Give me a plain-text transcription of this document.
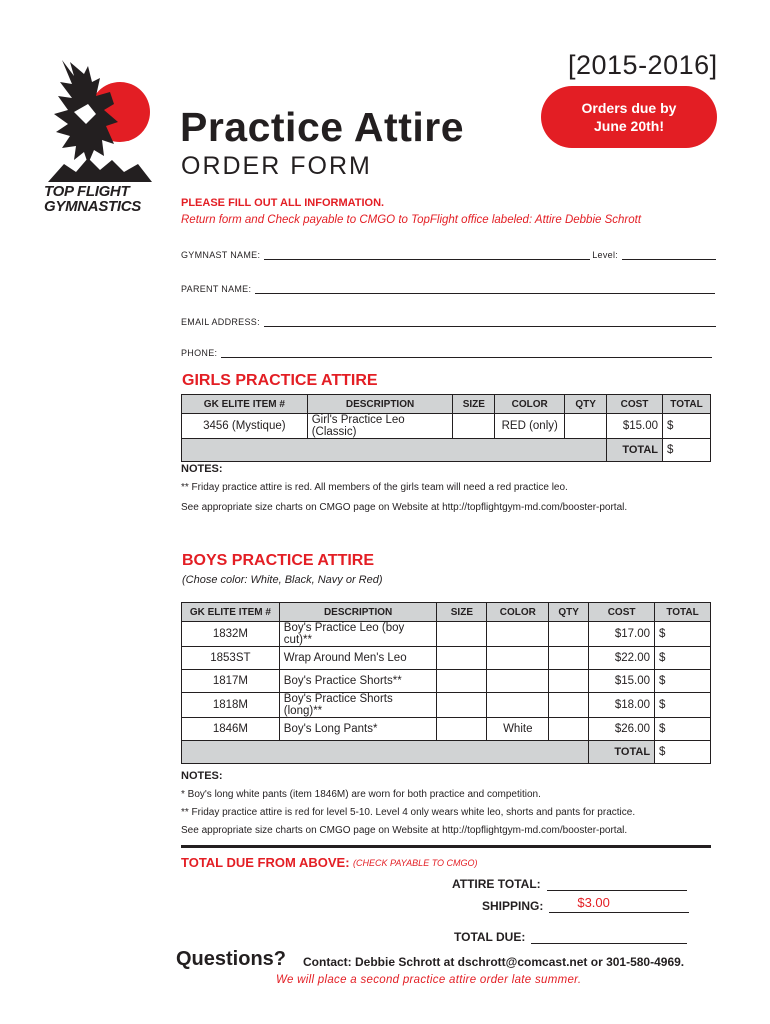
TOP FLIGHT
GYMNASTICS
[2015-2016]
Practice Attire
ORDER FORM
Orders due by
June 20th!
PLEASE FILL OUT ALL INFORMATION.
Return form and Check payable to CMGO to TopFlight office labeled: Attire Debbie Schrott
GYMNAST NAME:	Level:
PARENT NAME:
EMAIL ADDRESS:
PHONE:
GIRLS PRACTICE ATTIRE
GK ELITE ITEM #	DESCRIPTION	SIZE	COLOR	QTY	COST	TOTAL
3456 (Mystique)	Girl's Practice Leo (Classic)		RED (only)		$15.00	$
					TOTAL	$
NOTES:
** Friday practice attire is red. All members of the girls team will need a red practice leo.
See appropriate size charts on CMGO page on Website at http://topflightgym-md.com/booster-portal.
BOYS PRACTICE ATTIRE
(Chose color: White, Black, Navy or Red)
GK ELITE ITEM #	DESCRIPTION	SIZE	COLOR	QTY	COST	TOTAL
1832M	Boy's Practice Leo (boy cut)**				$17.00	$
1853ST	Wrap Around Men's Leo				$22.00	$
1817M	Boy's Practice Shorts**				$15.00	$
1818M	Boy's Practice Shorts (long)**				$18.00	$
1846M	Boy's Long Pants*		White		$26.00	$
					TOTAL	$
NOTES:
* Boy's long white pants (item 1846M) are worn for both practice and competition.
** Friday practice attire is red for level 5-10. Level 4 only wears white leo, shorts and pants for practice.
See appropriate size charts on CMGO page on Website at http://topflightgym-md.com/booster-portal.
TOTAL DUE FROM ABOVE: (CHECK PAYABLE TO CMGO)
ATTIRE TOTAL:
SHIPPING:	$3.00
TOTAL DUE:
Questions? Contact: Debbie Schrott at dschrott@comcast.net or 301-580-4969.
We will place a second practice attire order late summer.
